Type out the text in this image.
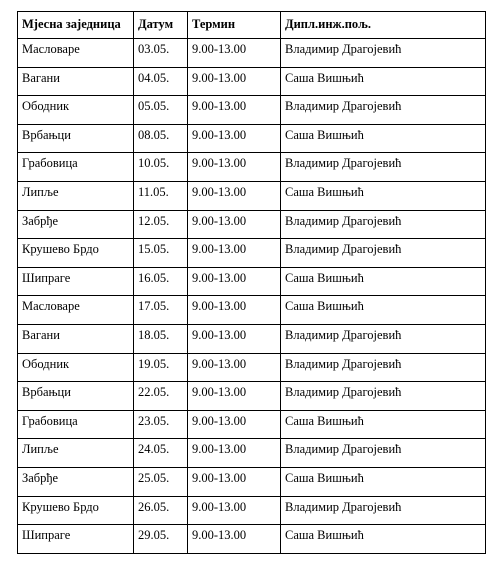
Мјесна заједница	Датум	Термин	Дипл.инж.пољ.
Масловаре	03.05.	9.00-13.00	Владимир Драгојевић
Вагани	04.05.	9.00-13.00	Саша Вишњић
Ободник	05.05.	9.00-13.00	Владимир Драгојевић
Врбањци	08.05.	9.00-13.00	Саша Вишњић
Грабовица	10.05.	9.00-13.00	Владимир Драгојевић
Липље	11.05.	9.00-13.00	Саша Вишњић
Забрђе	12.05.	9.00-13.00	Владимир Драгојевић
Крушево Брдо	15.05.	9.00-13.00	Владимир Драгојевић
Шипраге	16.05.	9.00-13.00	Саша Вишњић
Масловаре	17.05.	9.00-13.00	Саша Вишњић
Вагани	18.05.	9.00-13.00	Владимир Драгојевић
Ободник	19.05.	9.00-13.00	Владимир Драгојевић
Врбањци	22.05.	9.00-13.00	Владимир Драгојевић
Грабовица	23.05.	9.00-13.00	Саша Вишњић
Липље	24.05.	9.00-13.00	Владимир Драгојевић
Забрђе	25.05.	9.00-13.00	Саша Вишњић
Крушево Брдо	26.05.	9.00-13.00	Владимир Драгојевић
Шипраге	29.05.	9.00-13.00	Саша Вишњић
